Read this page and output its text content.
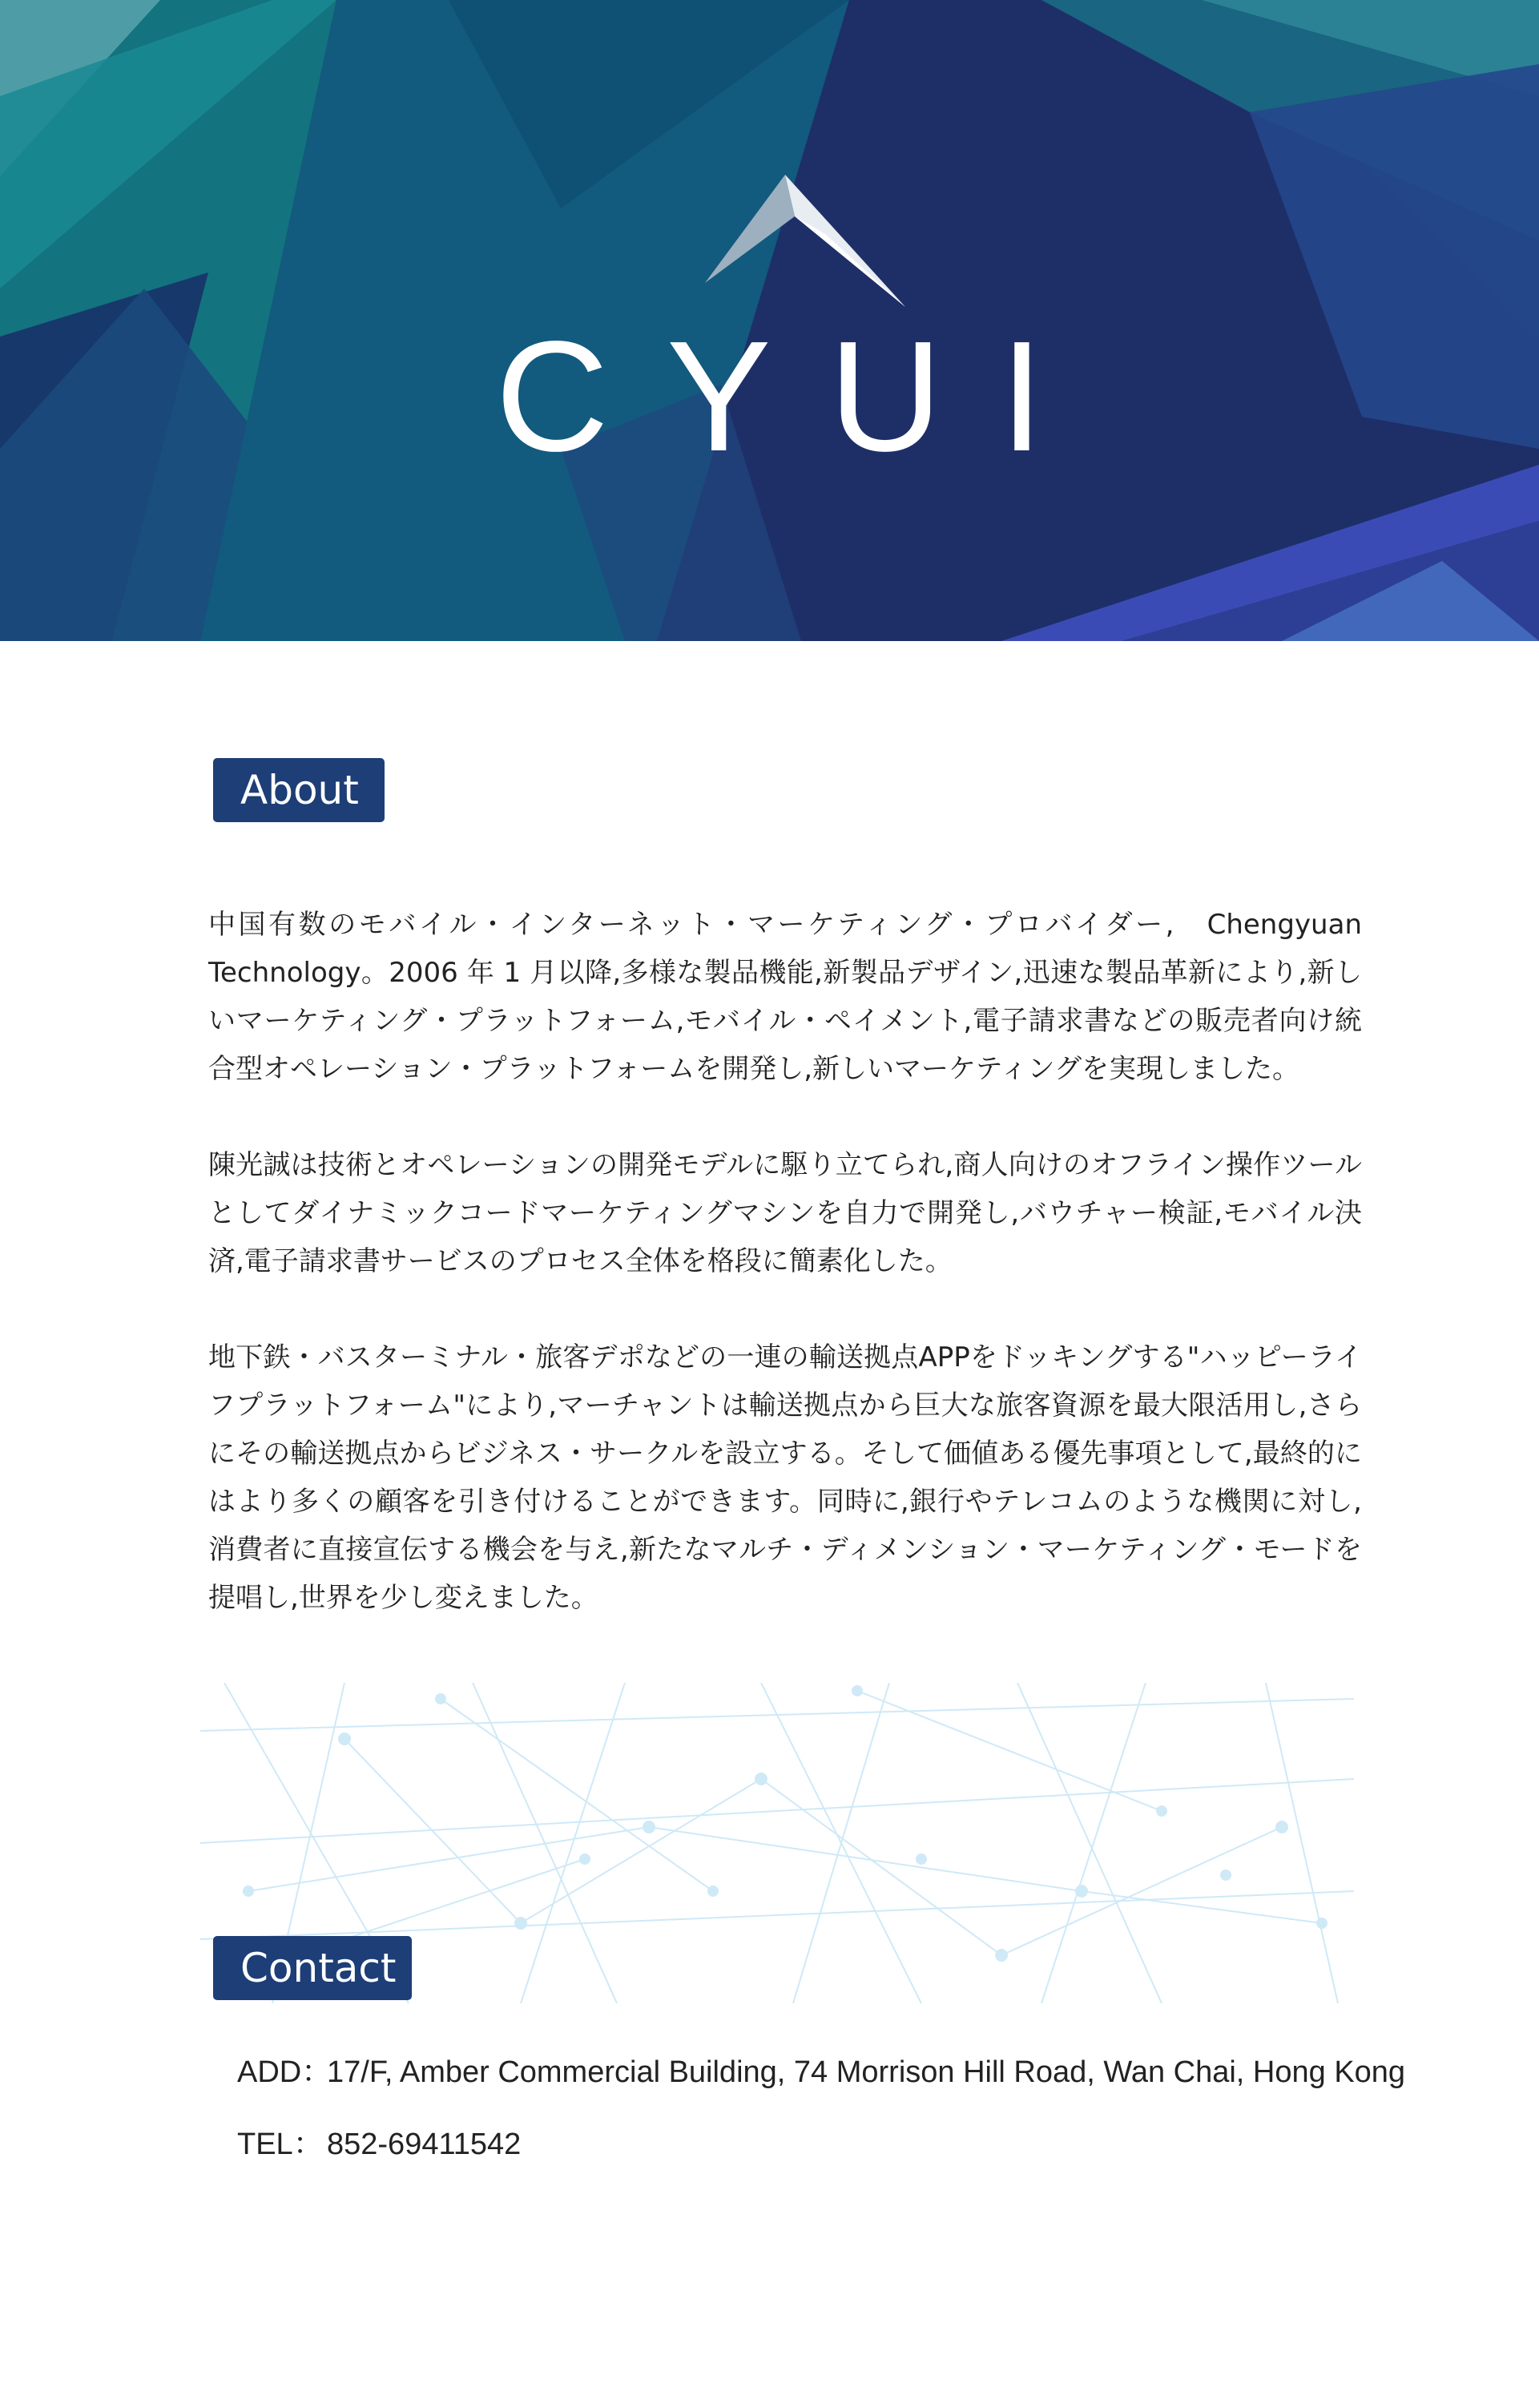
CYUI
About

中国有数のモバイル・インターネット・マーケティング・プロバイダー,　Chengyuan Technology。2006 年 1 月以降,多様な製品機能,新製品デザイン,迅速な製品革新により,新しいマーケティング・プラットフォーム,モバイル・ペイメント,電子請求書などの販売者向け統合型オペレーション・プラットフォームを開発し,新しいマーケティングを実現しました。

陳光誠は技術とオペレーションの開発モデルに駆り立てられ,商人向けのオフライン操作ツールとしてダイナミックコードマーケティングマシンを自力で開発し,バウチャー検証,モバイル決済,電子請求書サービスのプロセス全体を格段に簡素化した。

地下鉄・バスターミナル・旅客デポなどの一連の輸送拠点APPをドッキングする"ハッピーライフプラットフォーム"により,マーチャントは輸送拠点から巨大な旅客資源を最大限活用し,さらにその輸送拠点からビジネス・サークルを設立する。そして価値ある優先事項として,最終的にはより多くの顧客を引き付けることができます。同時に,銀行やテレコムのような機関に対し,消費者に直接宣伝する機会を与え,新たなマルチ・ディメンション・マーケティング・モードを提唱し,世界を少し変えました。

Contact
ADD：17/F, Amber Commercial Building, 74 Morrison Hill Road, Wan Chai, Hong Kong
TEL： 852-69411542
